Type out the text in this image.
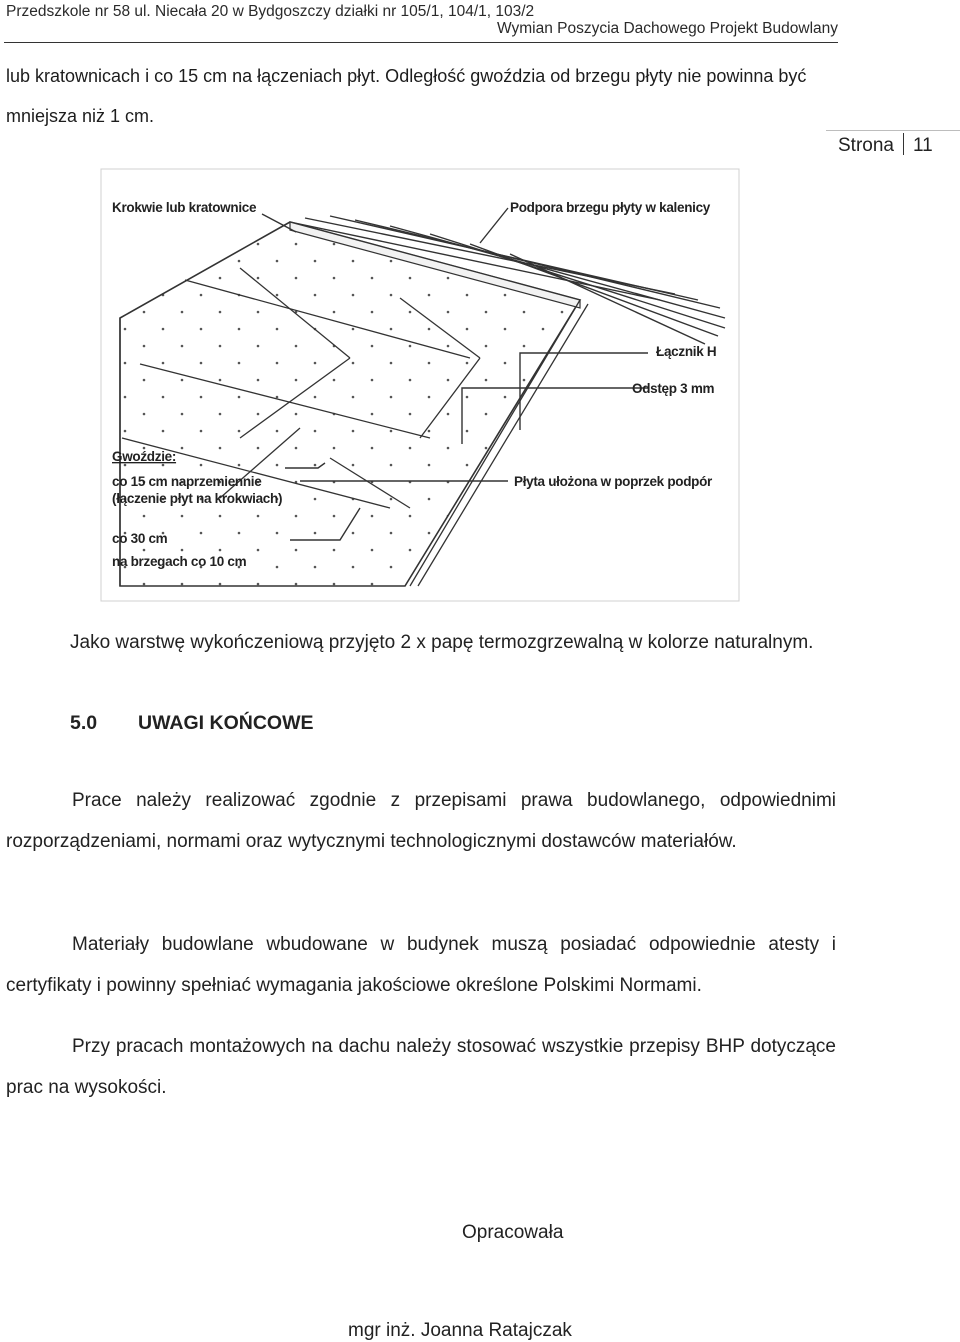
Przedszkole nr 58 ul. Niecała 20 w Bydgoszczy działki nr 105/1, 104/1, 103/2
Wymian Poszycia Dachowego Projekt Budowlany
lub kratownicach i co 15 cm na łączeniach płyt. Odległość gwoździa od brzegu płyty nie powinna być mniejsza niż 1 cm.
Strona 11
Krokwie lub kratownice	Podpora brzegu płyty w kalenicy
Łącznik H
Odstęp 3 mm
Gwoździe:
co 15 cm naprzemiennie
(łączenie płyt na krokwiach)
Płyta ułożona w poprzek podpór
co 30 cm
na brzegach co 10 cm
Jako warstwę wykończeniową przyjęto 2 x papę termozgrzewalną w kolorze naturalnym.
5.0 UWAGI KOŃCOWE
Prace należy realizować zgodnie z przepisami prawa budowlanego, odpowiednimi rozporządzeniami, normami oraz wytycznymi technologicznymi dostawców materiałów.
Materiały budowlane wbudowane w budynek muszą posiadać odpowiednie atesty i certyfikaty i powinny spełniać wymagania jakościowe określone Polskimi Normami.
Przy pracach montażowych na dachu należy stosować wszystkie przepisy BHP dotyczące prac na wysokości.
Opracowała
mgr inż. Joanna Ratajczak
